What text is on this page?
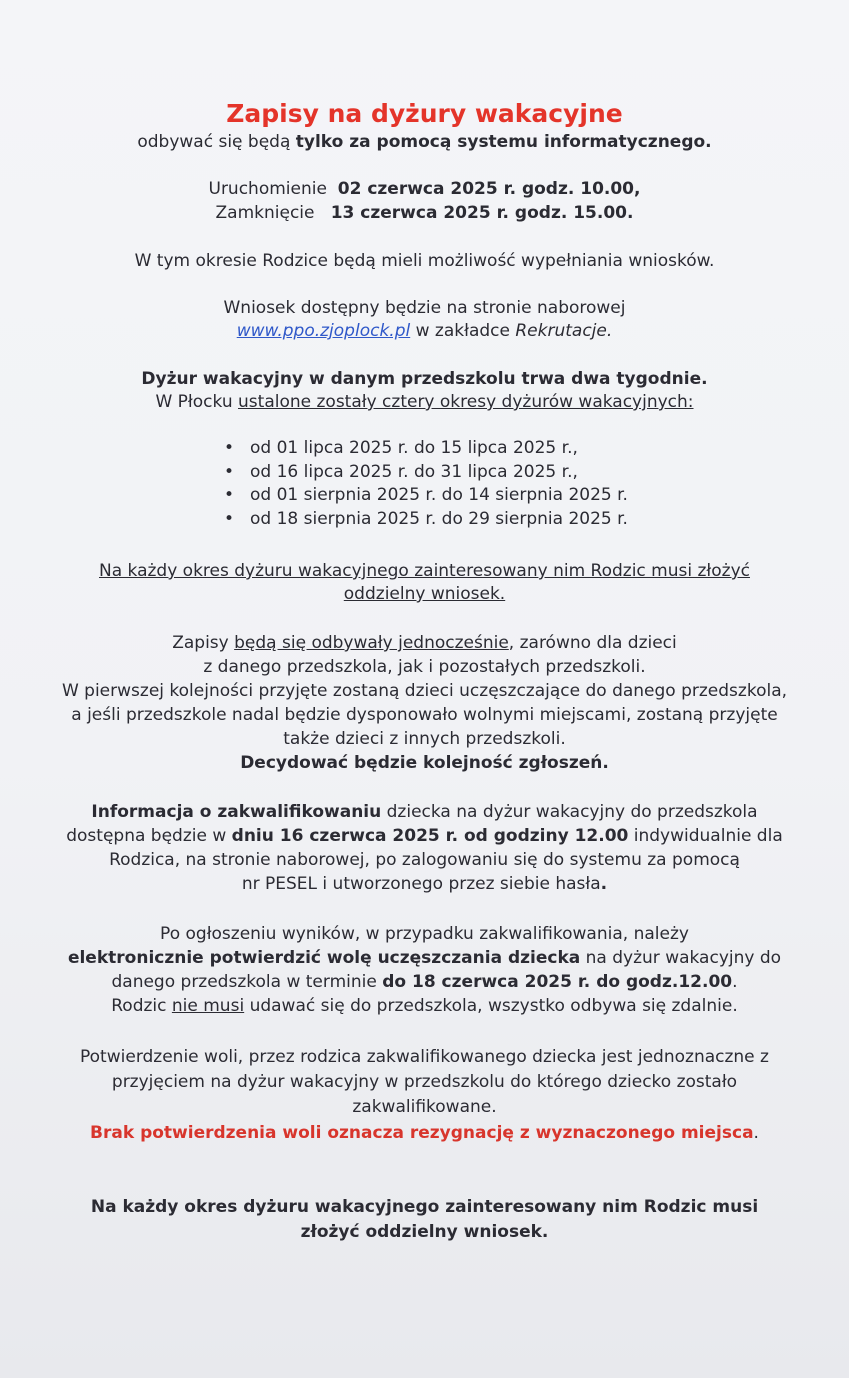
Zapisy na dyżury wakacyjne
odbywać się będą tylko za pomocą systemu informatycznego.
Uruchomienie 02 czerwca 2025 r. godz. 10.00,
Zamknięcie 13 czerwca 2025 r. godz. 15.00.
W tym okresie Rodzice będą mieli możliwość wypełniania wniosków.
Wniosek dostępny będzie na stronie naborowej
www.ppo.zjoplock.pl w zakładce Rekrutacje.
Dyżur wakacyjny w danym przedszkolu trwa dwa tygodnie.
W Płocku ustalone zostały cztery okresy dyżurów wakacyjnych:
• od 01 lipca 2025 r. do 15 lipca 2025 r.,
• od 16 lipca 2025 r. do 31 lipca 2025 r.,
• od 01 sierpnia 2025 r. do 14 sierpnia 2025 r.
• od 18 sierpnia 2025 r. do 29 sierpnia 2025 r.
Na każdy okres dyżuru wakacyjnego zainteresowany nim Rodzic musi złożyć
oddzielny wniosek.
Zapisy będą się odbywały jednocześnie, zarówno dla dzieci
z danego przedszkola, jak i pozostałych przedszkoli.
W pierwszej kolejności przyjęte zostaną dzieci uczęszczające do danego przedszkola,
a jeśli przedszkole nadal będzie dysponowało wolnymi miejscami, zostaną przyjęte
także dzieci z innych przedszkoli.
Decydować będzie kolejność zgłoszeń.
Informacja o zakwalifikowaniu dziecka na dyżur wakacyjny do przedszkola
dostępna będzie w dniu 16 czerwca 2025 r. od godziny 12.00 indywidualnie dla
Rodzica, na stronie naborowej, po zalogowaniu się do systemu za pomocą
nr PESEL i utworzonego przez siebie hasła.
Po ogłoszeniu wyników, w przypadku zakwalifikowania, należy
elektronicznie potwierdzić wolę uczęszczania dziecka na dyżur wakacyjny do
danego przedszkola w terminie do 18 czerwca 2025 r. do godz.12.00.
Rodzic nie musi udawać się do przedszkola, wszystko odbywa się zdalnie.
Potwierdzenie woli, przez rodzica zakwalifikowanego dziecka jest jednoznaczne z
przyjęciem na dyżur wakacyjny w przedszkolu do którego dziecko zostało
zakwalifikowane.
Brak potwierdzenia woli oznacza rezygnację z wyznaczonego miejsca.
Na każdy okres dyżuru wakacyjnego zainteresowany nim Rodzic musi
złożyć oddzielny wniosek.
